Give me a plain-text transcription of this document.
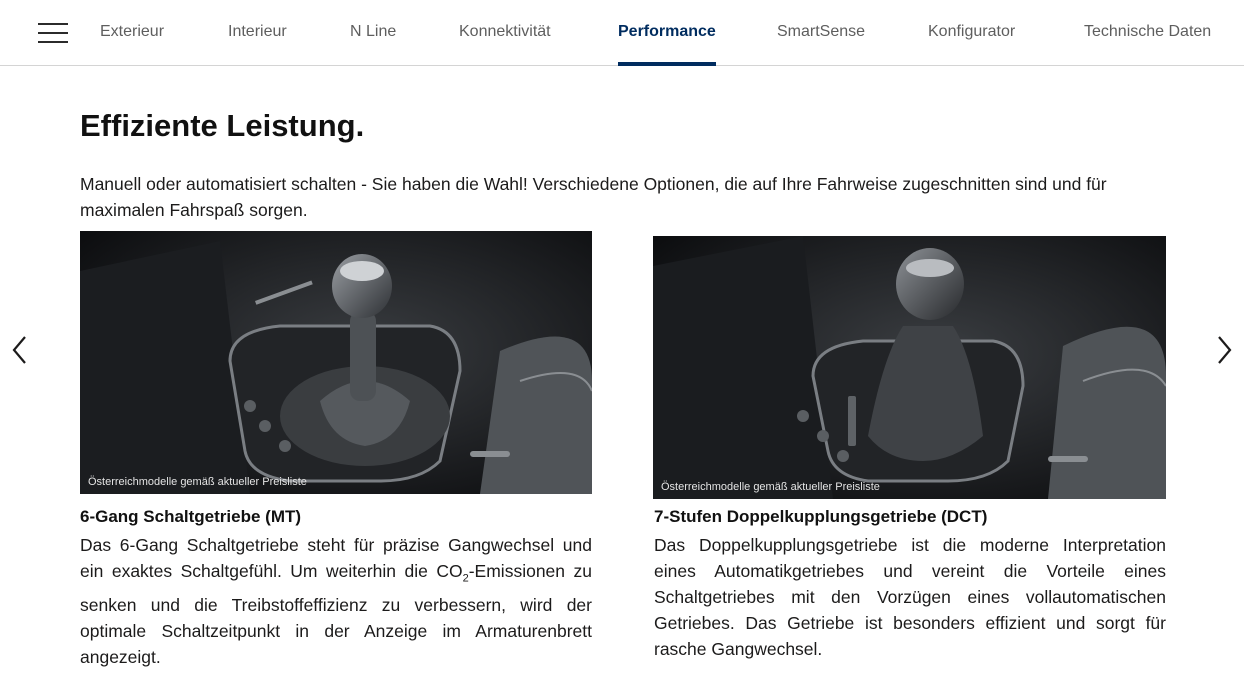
Exterieur	Interieur	N Line	Konnektivität	Performance	SmartSense	Konfigurator	Technische Daten
Effiziente Leistung.

Manuell oder automatisiert schalten - Sie haben die Wahl! Verschiedene Optionen, die auf Ihre Fahrweise zugeschnitten sind und für maximalen Fahrspaß sorgen.

Österreichmodelle gemäß aktueller Preisliste
6-Gang Schaltgetriebe (MT)

Das 6-Gang Schaltgetriebe steht für präzise Gangwechsel und ein exaktes Schaltgefühl. Um weiterhin die $CO_2$-Emissionen zu senken und die Treibstoffeffizienz zu verbessern, wird der optimale Schaltzeitpunkt in der Anzeige im Armaturenbrett angezeigt.

Österreichmodelle gemäß aktueller Preisliste
7-Stufen Doppelkupplungsgetriebe (DCT)

Das Doppelkupplungsgetriebe ist die moderne Interpretation eines Automatikgetriebes und vereint die Vorteile eines Schaltgetriebes mit den Vorzügen eines vollautomatischen Getriebes. Das Getriebe ist besonders effizient und sorgt für rasche Gangwechsel.
